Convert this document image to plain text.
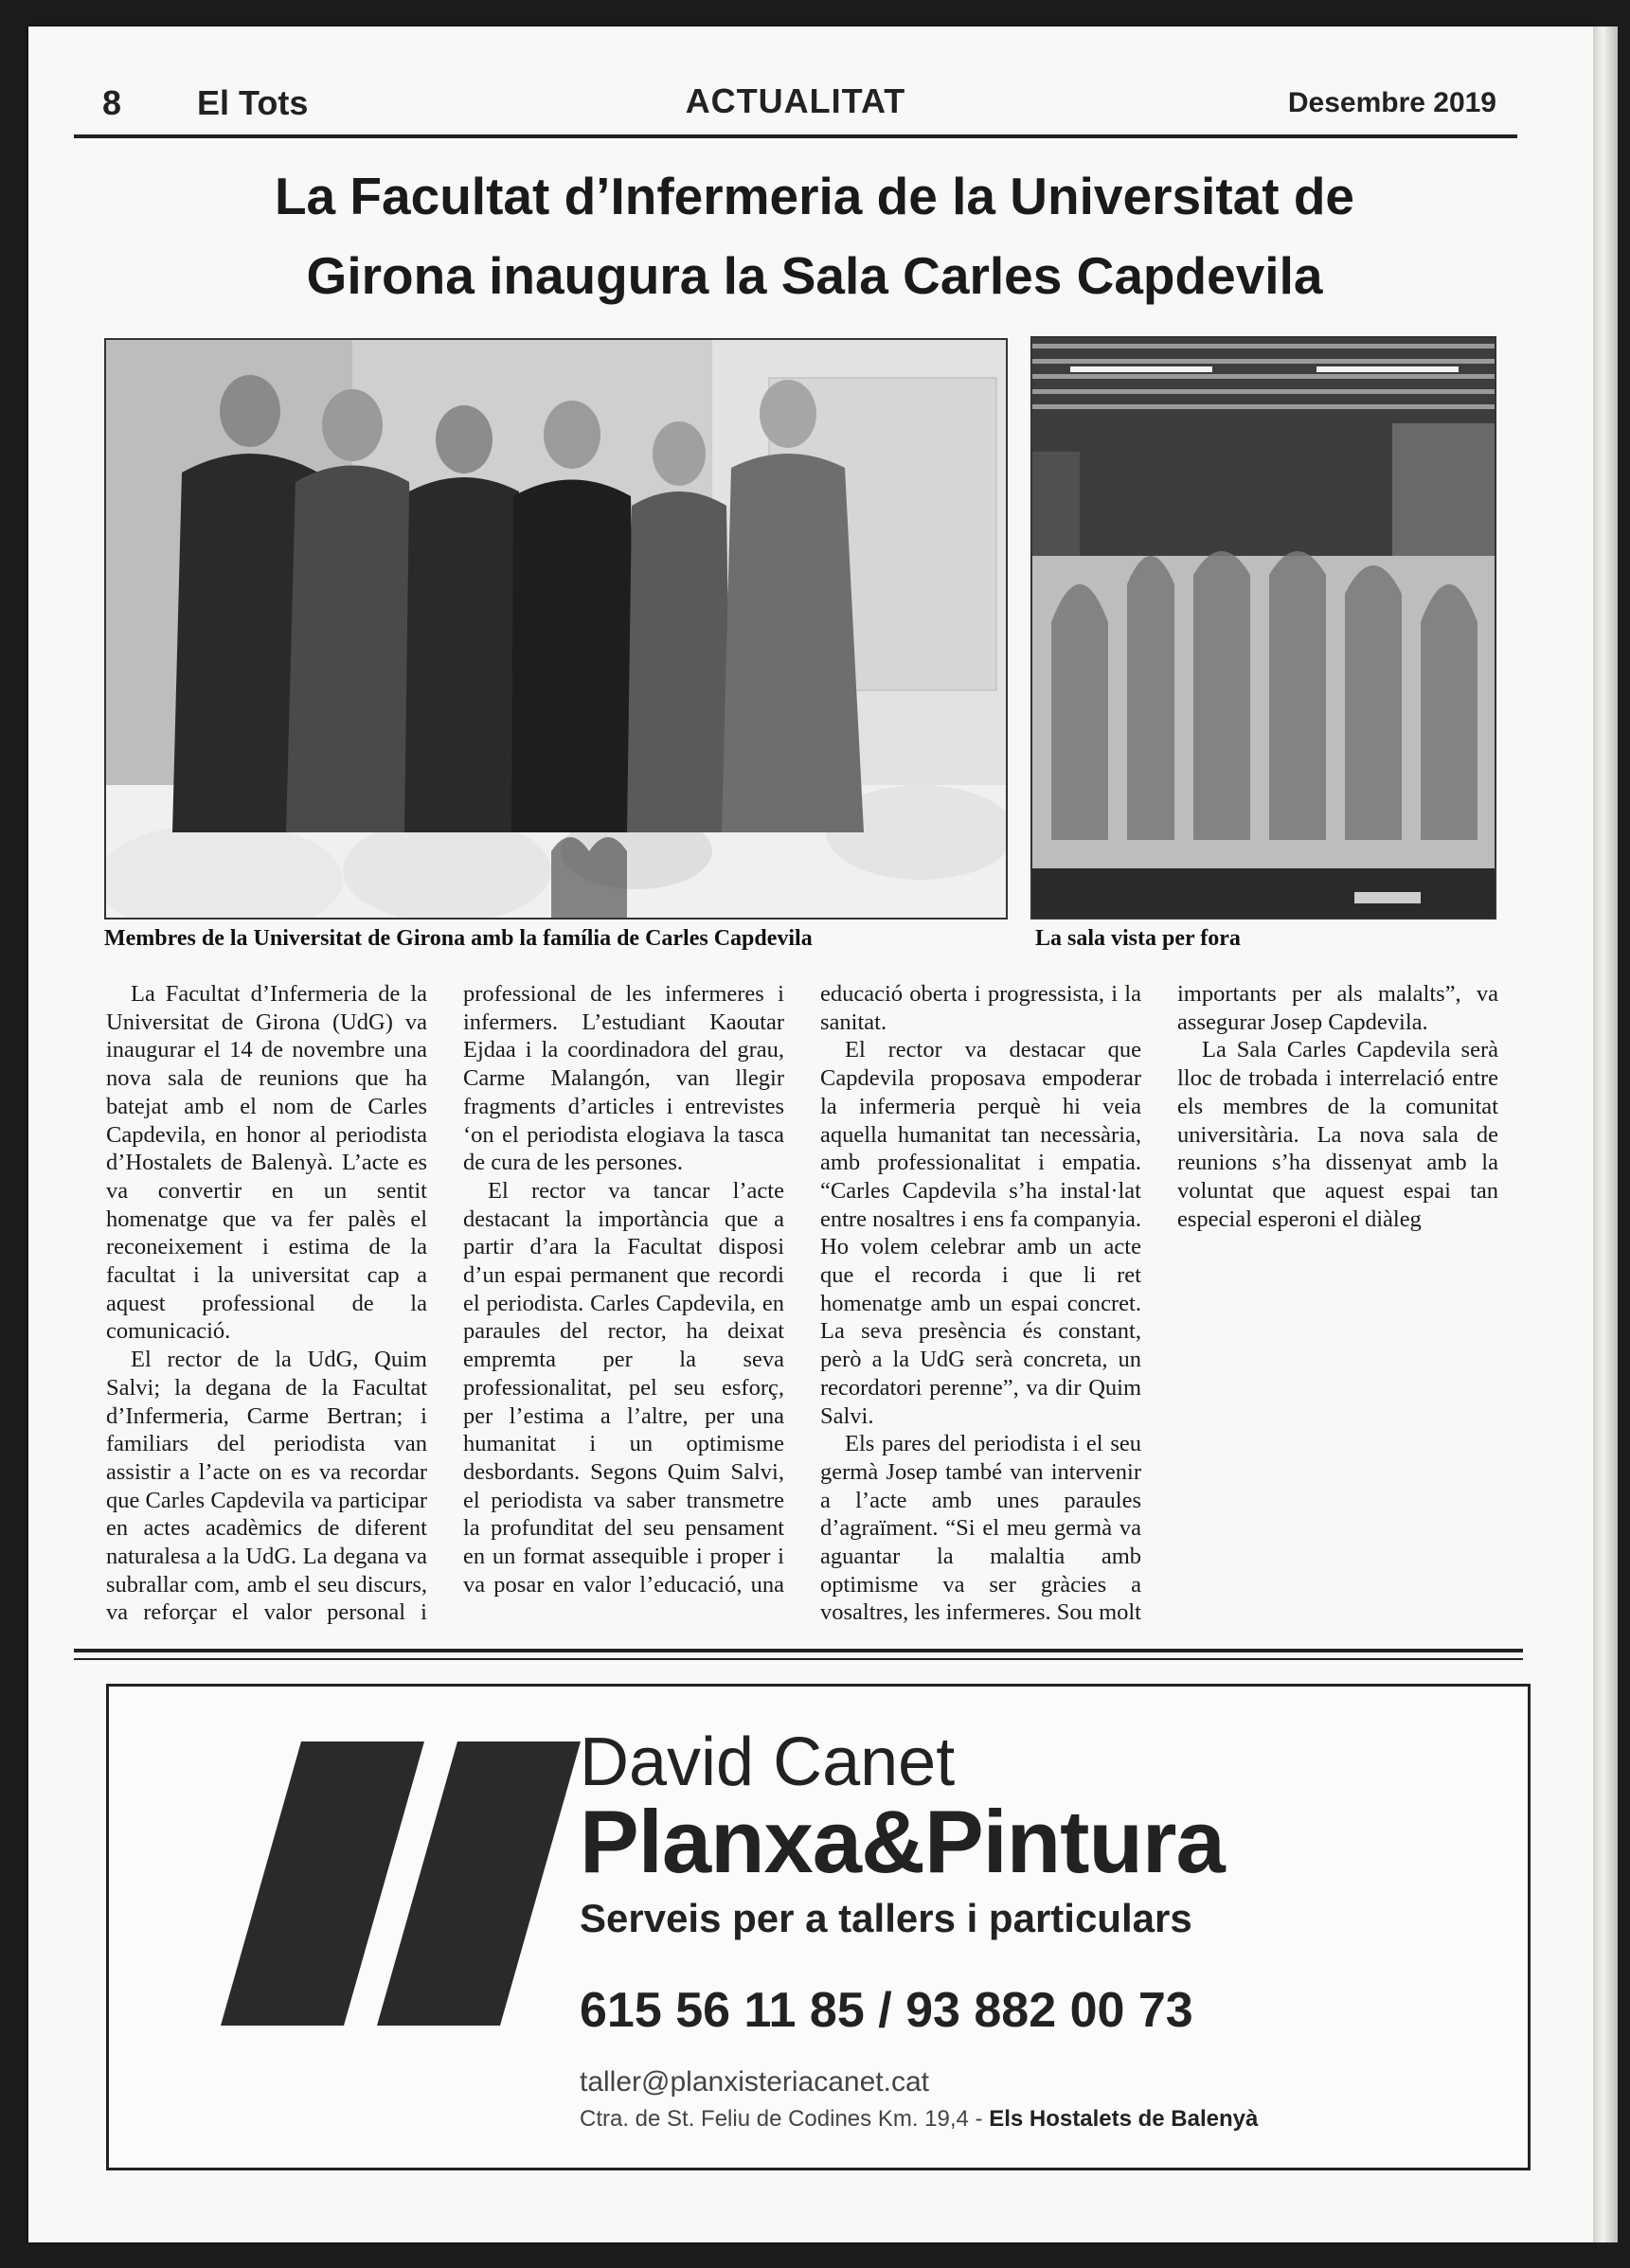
8 El Tots	ACTUALITAT	Desembre 2019
La Facultat d’Infermeria de la Universitat de
Girona inaugura la Sala Carles Capdevila
Membres de la Universitat de Girona amb la família de Carles Capdevila	La sala vista per fora

La Facultat d’Infermeria de la Universitat de Girona (UdG) va inaugurar el 14 de novembre una nova sala de reunions que ha batejat amb el nom de Carles Capdevila, en honor al periodista d’Hostalets de Balenyà. L’acte es va convertir en un sentit homenatge que va fer palès el reconeixement i estima de la facultat i la universitat cap a aquest professional de la comunicació.

El rector de la UdG, Quim Salvi; la degana de la Facultat d’Infermeria, Carme Bertran; i familiars del periodista van assistir a l’acte on es va recordar que Carles Capdevila va participar en actes acadèmics de diferent naturalesa a la UdG. La degana va subrallar com, amb el seu discurs, va reforçar el valor personal i professional de les infermeres i infermers. L’estudiant Kaoutar Ejdaa i la coordinadora del grau, Carme Malangón, van llegir fragments d’articles i entrevistes ‘on el periodista elogiava la tasca de cura de les persones.

El rector va tancar l’acte destacant la importància que a partir d’ara la Facultat disposi d’un espai permanent que recordi el periodista. Carles Capdevila, en paraules del rector, ha deixat empremta per la seva professionalitat, pel seu esforç, per l’estima a l’altre, per una humanitat i un optimisme desbordants. Segons Quim Salvi, el periodista va saber transmetre la profunditat del seu pensament en un format assequible i proper i va posar en valor l’educació, una educació oberta i progressista, i la sanitat.

El rector va destacar que Capdevila proposava empoderar la infermeria perquè hi veia aquella humanitat tan necessària, amb professionalitat i empatia. “Carles Capdevila s’ha instal·lat entre nosaltres i ens fa companyia. Ho volem celebrar amb un acte que el recorda i que li ret homenatge amb un espai concret. La seva presència és constant, però a la UdG serà concreta, un recordatori perenne”, va dir Quim Salvi.

Els pares del periodista i el seu germà Josep també van intervenir a l’acte amb unes paraules d’agraïment. “Si el meu germà va aguantar la malaltia amb optimisme va ser gràcies a vosaltres, les infermeres. Sou molt importants per als malalts”, va assegurar Josep Capdevila.

La Sala Carles Capdevila serà lloc de trobada i interrelació entre els membres de la comunitat universitària. La nova sala de reunions s’ha dissenyat amb la voluntat que aquest espai tan especial esperoni el diàleg

David Canet
Planxa&Pintura
Serveis per a tallers i particulars
615 56 11 85 / 93 882 00 73
taller@planxisteriacanet.cat
Ctra. de St. Feliu de Codines Km. 19,4 - Els Hostalets de Balenyà
